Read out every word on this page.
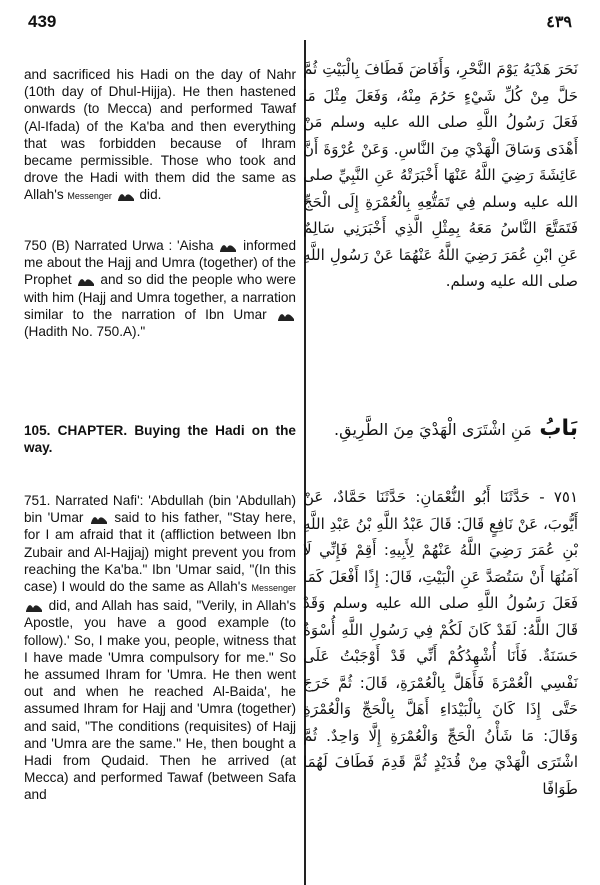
439	٤٣٩

and sacrificed his Hadi on the day of Nahr (10th day of Dhul-Hijja). He then hastened onwards (to Mecca) and performed Tawaf (Al-Ifada) of the Ka'ba and then everything that was forbidden because of Ihram became permissible. Those who took and drove the Hadi with them did the same as Allah's Messenger did.

750 (B) Narrated Urwa : 'Aisha informed me about the Hajj and Umra (together) of the Prophet and so did the people who were with him (Hajj and Umra together, a narration similar to the narration of Ibn Umar  (Hadith No. 750.A)."

105. CHAPTER. Buying the Hadi on the way.

751. Narrated Nafi': 'Abdullah (bin 'Abdullah) bin 'Umar said to his father, "Stay here, for I am afraid that it (affliction between Ibn Zubair and Al-Hajjaj) might prevent you from reaching the Ka'ba." Ibn 'Umar said, "(In this case) I would do the same as Allah's Messenger  did, and Allah has said, "Verily, in Allah's Apostle, you have a good example (to follow).' So, I make you, people, witness that I have made 'Umra compulsory for me." So he assumed Ihram for 'Umra. He then went out and when he reached Al-Baida', he assumed Ihram for Hajj and 'Umra (together) and said, "The conditions (requisites) of Hajj and 'Umra are the same." He, then bought a Hadi from Qudaid. Then he arrived (at Mecca) and performed Tawaf (between Safa and

نَحَرَ هَدْيَهُ يَوْمَ النَّحْرِ، وَأَفَاضَ فَطَافَ بِالْبَيْتِ ثُمَّ حَلَّ مِنْ كُلِّ شَيْءٍ حَرُمَ مِنْهُ، وَفَعَلَ مِثْلَ مَا فَعَلَ رَسُولُ اللَّهِ صلى الله عليه وسلم مَنْ أَهْدَى وَسَاقَ الْهَدْيَ مِنَ النَّاسِ. وَعَنْ عُرْوَةَ أَنَّ عَائِشَةَ رَضِيَ اللَّهُ عَنْهَا أَخْبَرَتْهُ عَنِ النَّبِيِّ صلى الله عليه وسلم فِي تَمَتُّعِهِ بِالْعُمْرَةِ إِلَى الْحَجِّ فَتَمَتَّعَ النَّاسُ مَعَهُ بِمِثْلِ الَّذِي أَخْبَرَنِي سَالِمٌ عَنِ ابْنِ عُمَرَ رَضِيَ اللَّهُ عَنْهُمَا عَنْ رَسُولِ اللَّهِ صلى الله عليه وسلم.

بَابُ مَنِ اشْتَرَى الْهَدْيَ مِنَ الطَّرِيقِ.

٧٥١ - حَدَّثَنَا أَبُو النُّعْمَانِ: حَدَّثَنَا حَمَّادٌ، عَنْ أَيُّوبَ، عَنْ نَافِعٍ قَالَ: قَالَ عَبْدُ اللَّهِ بْنُ عَبْدِ اللَّهِ بْنِ عُمَرَ رَضِيَ اللَّهُ عَنْهُمْ لِأَبِيهِ: أَقِمْ فَإِنِّي لَا آمَنُهَا أَنْ سَتُصَدَّ عَنِ الْبَيْتِ، قَالَ: إِذًا أَفْعَلَ كَمَا فَعَلَ رَسُولُ اللَّهِ صلى الله عليه وسلم وَقَدْ قَالَ اللَّهُ: لَقَدْ كَانَ لَكُمْ فِي رَسُولِ اللَّهِ أُسْوَةٌ حَسَنَةٌ. فَأَنَا أُشْهِدُكُمْ أَنِّي قَدْ أَوْجَبْتُ عَلَى نَفْسِي الْعُمْرَةَ فَأَهَلَّ بِالْعُمْرَةِ، قَالَ: ثُمَّ خَرَجَ حَتَّى إِذَا كَانَ بِالْبَيْدَاءِ أَهَلَّ بِالْحَجِّ وَالْعُمْرَةِ وَقَالَ: مَا شَأْنُ الْحَجِّ وَالْعُمْرَةِ إِلَّا وَاحِدٌ. ثُمَّ اشْتَرَى الْهَدْيَ مِنْ قُدَيْدٍ ثُمَّ قَدِمَ فَطَافَ لَهُمَا طَوَافًا
